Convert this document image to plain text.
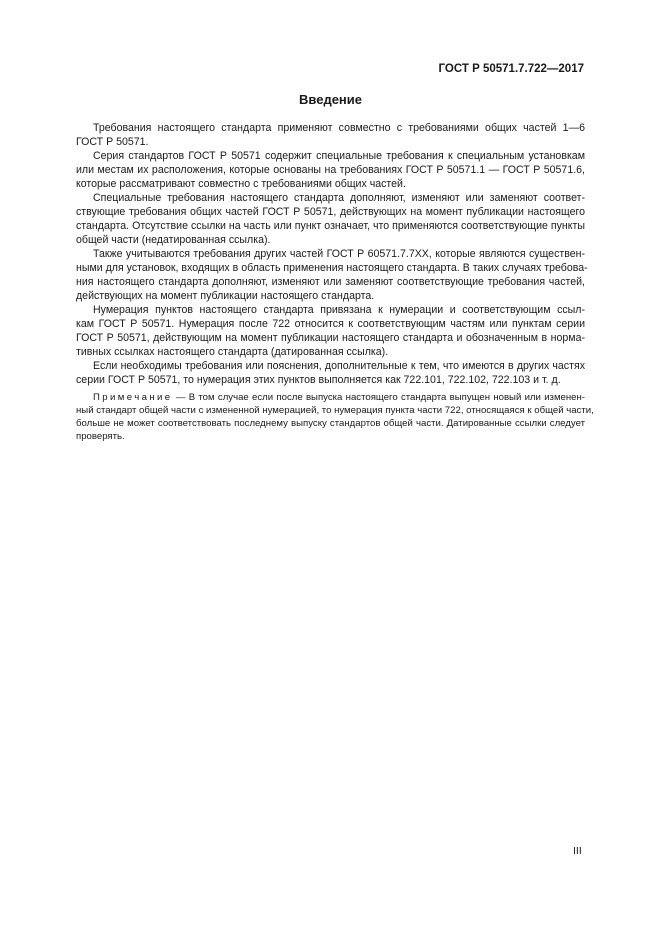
ГОСТ Р 50571.7.722—2017
Введение
Требования настоящего стандарта применяют совместно с требованиями общих частей 1—6
ГОСТ Р 50571.
Серия стандартов ГОСТ Р 50571 содержит специальные требования к специальным установкам
или местам их расположения, которые основаны на требованиях ГОСТ Р 50571.1 — ГОСТ Р 50571.6,
которые рассматривают совместно с требованиями общих частей.
Специальные требования настоящего стандарта дополняют, изменяют или заменяют соответ-
ствующие требования общих частей ГОСТ Р 50571, действующих на момент публикации настоящего
стандарта. Отсутствие ссылки на часть или пункт означает, что применяются соответствующие пункты
общей части (недатированная ссылка).
Также учитываются требования других частей ГОСТ Р 60571.7.7ХХ, которые являются существен-
ными для установок, входящих в область применения настоящего стандарта. В таких случаях требова-
ния настоящего стандарта дополняют, изменяют или заменяют соответствующие требования частей,
действующих на момент публикации настоящего стандарта.
Нумерация пунктов настоящего стандарта привязана к нумерации и соответствующим ссыл-
кам ГОСТ Р 50571. Нумерация после 722 относится к соответствующим частям или пунктам серии
ГОСТ Р 50571, действующим на момент публикации настоящего стандарта и обозначенным в норма-
тивных ссылках настоящего стандарта (датированная ссылка).
Если необходимы требования или пояснения, дополнительные к тем, что имеются в других частях
серии ГОСТ Р 50571, то нумерация этих пунктов выполняется как 722.101, 722.102, 722.103 и т. д.
Примечание — В том случае если после выпуска настоящего стандарта выпущен новый или изменен-
ный стандарт общей части с измененной нумерацией, то нумерация пункта части 722, относящаяся к общей части,
больше не может соответствовать последнему выпуску стандартов общей части. Датированные ссылки следует
проверять.
III
